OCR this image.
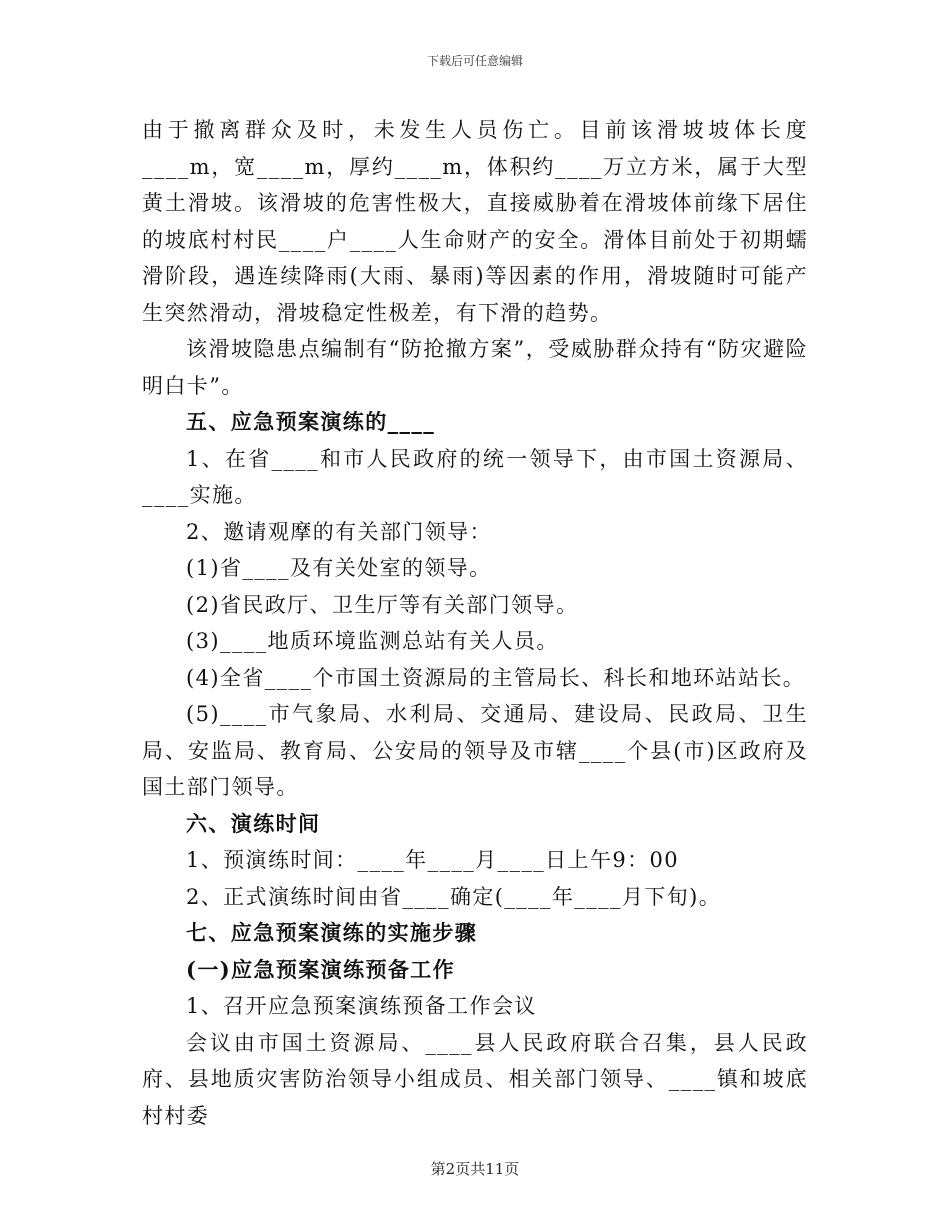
下载后可任意编辑

由于撤离群众及时，未发生人员伤亡。目前该滑坡坡体长度____m，宽____m，厚约____m，体积约____万立方米，属于大型黄土滑坡。该滑坡的危害性极大，直接威胁着在滑坡体前缘下居住的坡底村村民____户____人生命财产的安全。滑体目前处于初期蠕滑阶段，遇连续降雨(大雨、暴雨)等因素的作用，滑坡随时可能产生突然滑动，滑坡稳定性极差，有下滑的趋势。

该滑坡隐患点编制有“防抢撤方案”，受威胁群众持有“防灾避险明白卡”。

五、应急预案演练的____

1、在省____和市人民政府的统一领导下，由市国土资源局、____实施。

2、邀请观摩的有关部门领导：

(1)省____及有关处室的领导。

(2)省民政厅、卫生厅等有关部门领导。

(3)____地质环境监测总站有关人员。

(4)全省____个市国土资源局的主管局长、科长和地环站站长。

(5)____市气象局、水利局、交通局、建设局、民政局、卫生局、安监局、教育局、公安局的领导及市辖____个县(市)区政府及国土部门领导。

六、演练时间

1、预演练时间：____年____月____日上午9：00

2、正式演练时间由省____确定(____年____月下旬)。

七、应急预案演练的实施步骤

(一)应急预案演练预备工作

1、召开应急预案演练预备工作会议

会议由市国土资源局、____县人民政府联合召集，县人民政府、县地质灾害防治领导小组成员、相关部门领导、____镇和坡底村村委

第2页共11页
